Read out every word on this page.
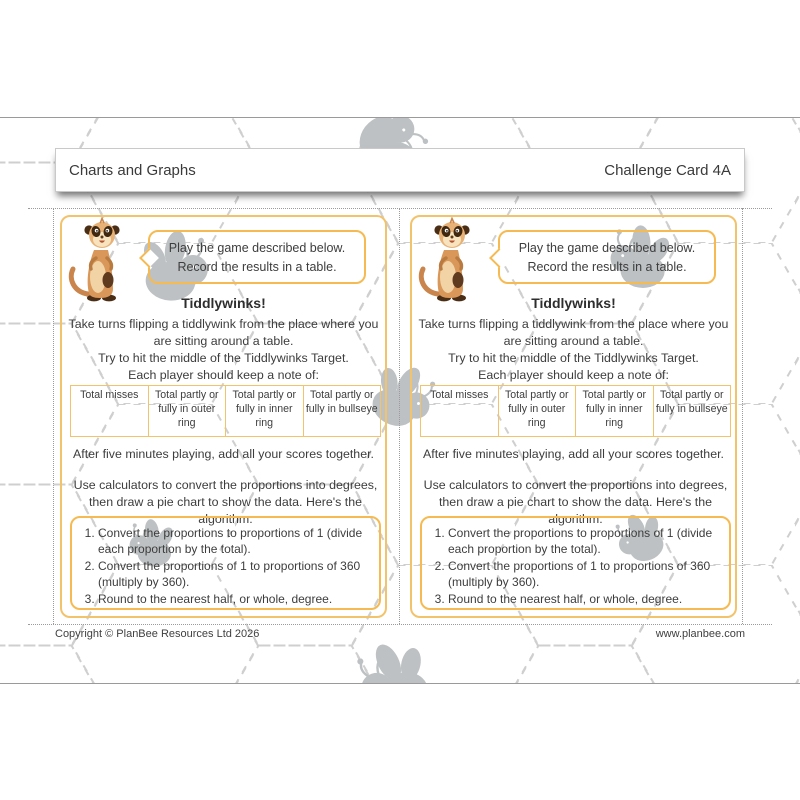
Charts and Graphs	Challenge Card 4A
Play the game described below.
Record the results in a table.
Tiddlywinks!
Take turns flipping a tiddlywink from the place where you are sitting around a table.
Try to hit the middle of the Tiddlywinks Target.
Each player should keep a note of:
Total misses	Total partly or fully in outer ring	Total partly or fully in inner ring	Total partly or fully in bullseye
After five minutes playing, add all your scores together.
Use calculators to convert the proportions into degrees, then draw a pie chart to show the data. Here's the algorithm:
1. Convert the proportions to proportions of 1 (divide each proportion by the total).
2. Convert the proportions of 1 to proportions of 360 (multiply by 360).
3. Round to the nearest half, or whole, degree.
Play the game described below.
Record the results in a table.
Tiddlywinks!
Take turns flipping a tiddlywink from the place where you are sitting around a table.
Try to hit the middle of the Tiddlywinks Target.
Each player should keep a note of:
Total misses	Total partly or fully in outer ring	Total partly or fully in inner ring	Total partly or fully in bullseye
After five minutes playing, add all your scores together.
Use calculators to convert the proportions into degrees, then draw a pie chart to show the data. Here's the algorithm:
1. Convert the proportions to proportions of 1 (divide each proportion by the total).
2. Convert the proportions of 1 to proportions of 360 (multiply by 360).
3. Round to the nearest half, or whole, degree.
Copyright © PlanBee Resources Ltd 2026	www.planbee.com
